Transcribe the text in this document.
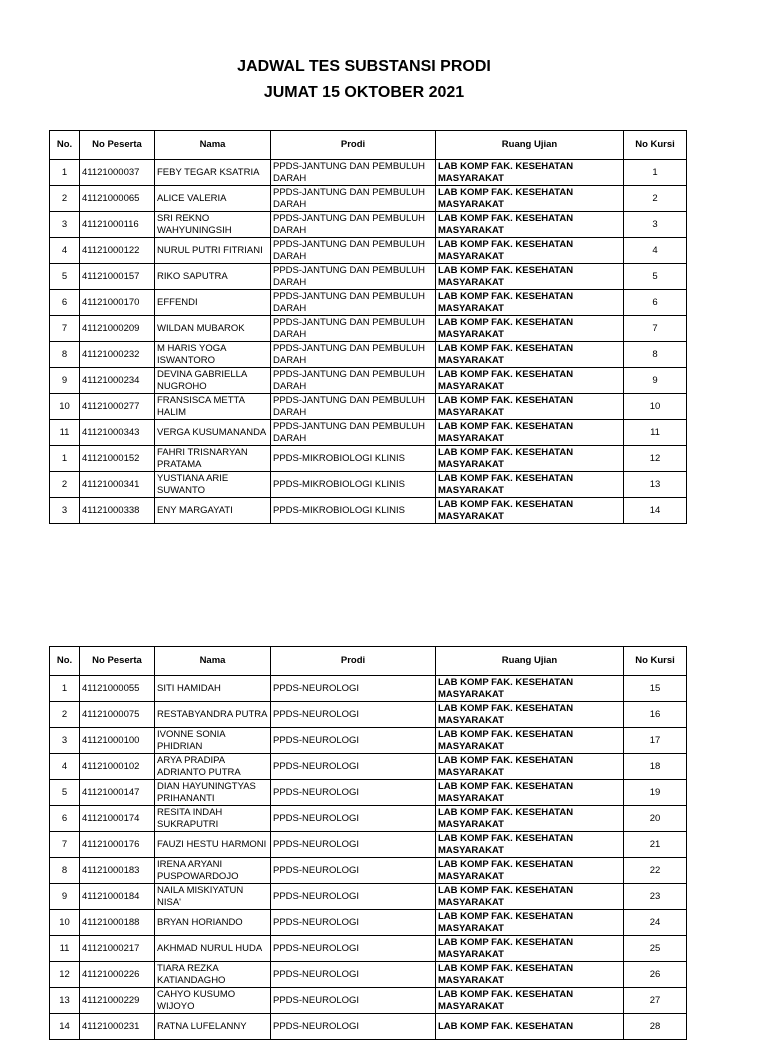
JADWAL TES SUBSTANSI PRODI
JUMAT 15 OKTOBER 2021
No.	No Peserta	Nama	Prodi	Ruang Ujian	No Kursi
1	41121000037	FEBY TEGAR KSATRIA	PPDS-JANTUNG DAN PEMBULUH DARAH	LAB KOMP FAK. KESEHATAN MASYARAKAT	1
2	41121000065	ALICE VALERIA	PPDS-JANTUNG DAN PEMBULUH DARAH	LAB KOMP FAK. KESEHATAN MASYARAKAT	2
3	41121000116	SRI REKNO WAHYUNINGSIH	PPDS-JANTUNG DAN PEMBULUH DARAH	LAB KOMP FAK. KESEHATAN MASYARAKAT	3
4	41121000122	NURUL PUTRI FITRIANI	PPDS-JANTUNG DAN PEMBULUH DARAH	LAB KOMP FAK. KESEHATAN MASYARAKAT	4
5	41121000157	RIKO SAPUTRA	PPDS-JANTUNG DAN PEMBULUH DARAH	LAB KOMP FAK. KESEHATAN MASYARAKAT	5
6	41121000170	EFFENDI	PPDS-JANTUNG DAN PEMBULUH DARAH	LAB KOMP FAK. KESEHATAN MASYARAKAT	6
7	41121000209	WILDAN MUBAROK	PPDS-JANTUNG DAN PEMBULUH DARAH	LAB KOMP FAK. KESEHATAN MASYARAKAT	7
8	41121000232	M HARIS YOGA ISWANTORO	PPDS-JANTUNG DAN PEMBULUH DARAH	LAB KOMP FAK. KESEHATAN MASYARAKAT	8
9	41121000234	DEVINA GABRIELLA NUGROHO	PPDS-JANTUNG DAN PEMBULUH DARAH	LAB KOMP FAK. KESEHATAN MASYARAKAT	9
10	41121000277	FRANSISCA METTA HALIM	PPDS-JANTUNG DAN PEMBULUH DARAH	LAB KOMP FAK. KESEHATAN MASYARAKAT	10
11	41121000343	VERGA KUSUMANANDA	PPDS-JANTUNG DAN PEMBULUH DARAH	LAB KOMP FAK. KESEHATAN MASYARAKAT	11
1	41121000152	FAHRI TRISNARYAN PRATAMA	PPDS-MIKROBIOLOGI KLINIS	LAB KOMP FAK. KESEHATAN MASYARAKAT	12
2	41121000341	YUSTIANA ARIE SUWANTO	PPDS-MIKROBIOLOGI KLINIS	LAB KOMP FAK. KESEHATAN MASYARAKAT	13
3	41121000338	ENY MARGAYATI	PPDS-MIKROBIOLOGI KLINIS	LAB KOMP FAK. KESEHATAN MASYARAKAT	14
No.	No Peserta	Nama	Prodi	Ruang Ujian	No Kursi
1	41121000055	SITI HAMIDAH	PPDS-NEUROLOGI	LAB KOMP FAK. KESEHATAN MASYARAKAT	15
2	41121000075	RESTABYANDRA PUTRA	PPDS-NEUROLOGI	LAB KOMP FAK. KESEHATAN MASYARAKAT	16
3	41121000100	IVONNE SONIA PHIDRIAN	PPDS-NEUROLOGI	LAB KOMP FAK. KESEHATAN MASYARAKAT	17
4	41121000102	ARYA PRADIPA ADRIANTO PUTRA	PPDS-NEUROLOGI	LAB KOMP FAK. KESEHATAN MASYARAKAT	18
5	41121000147	DIAN HAYUNINGTYAS PRIHANANTI	PPDS-NEUROLOGI	LAB KOMP FAK. KESEHATAN MASYARAKAT	19
6	41121000174	RESITA INDAH SUKRAPUTRI	PPDS-NEUROLOGI	LAB KOMP FAK. KESEHATAN MASYARAKAT	20
7	41121000176	FAUZI HESTU HARMONI	PPDS-NEUROLOGI	LAB KOMP FAK. KESEHATAN MASYARAKAT	21
8	41121000183	IRENA ARYANI PUSPOWARDOJO	PPDS-NEUROLOGI	LAB KOMP FAK. KESEHATAN MASYARAKAT	22
9	41121000184	NAILA MISKIYATUN NISA'	PPDS-NEUROLOGI	LAB KOMP FAK. KESEHATAN MASYARAKAT	23
10	41121000188	BRYAN HORIANDO	PPDS-NEUROLOGI	LAB KOMP FAK. KESEHATAN MASYARAKAT	24
11	41121000217	AKHMAD NURUL HUDA	PPDS-NEUROLOGI	LAB KOMP FAK. KESEHATAN MASYARAKAT	25
12	41121000226	TIARA REZKA KATIANDAGHO	PPDS-NEUROLOGI	LAB KOMP FAK. KESEHATAN MASYARAKAT	26
13	41121000229	CAHYO KUSUMO WIJOYO	PPDS-NEUROLOGI	LAB KOMP FAK. KESEHATAN MASYARAKAT	27
14	41121000231	RATNA LUFELANNY	PPDS-NEUROLOGI	LAB KOMP FAK. KESEHATAN	28
